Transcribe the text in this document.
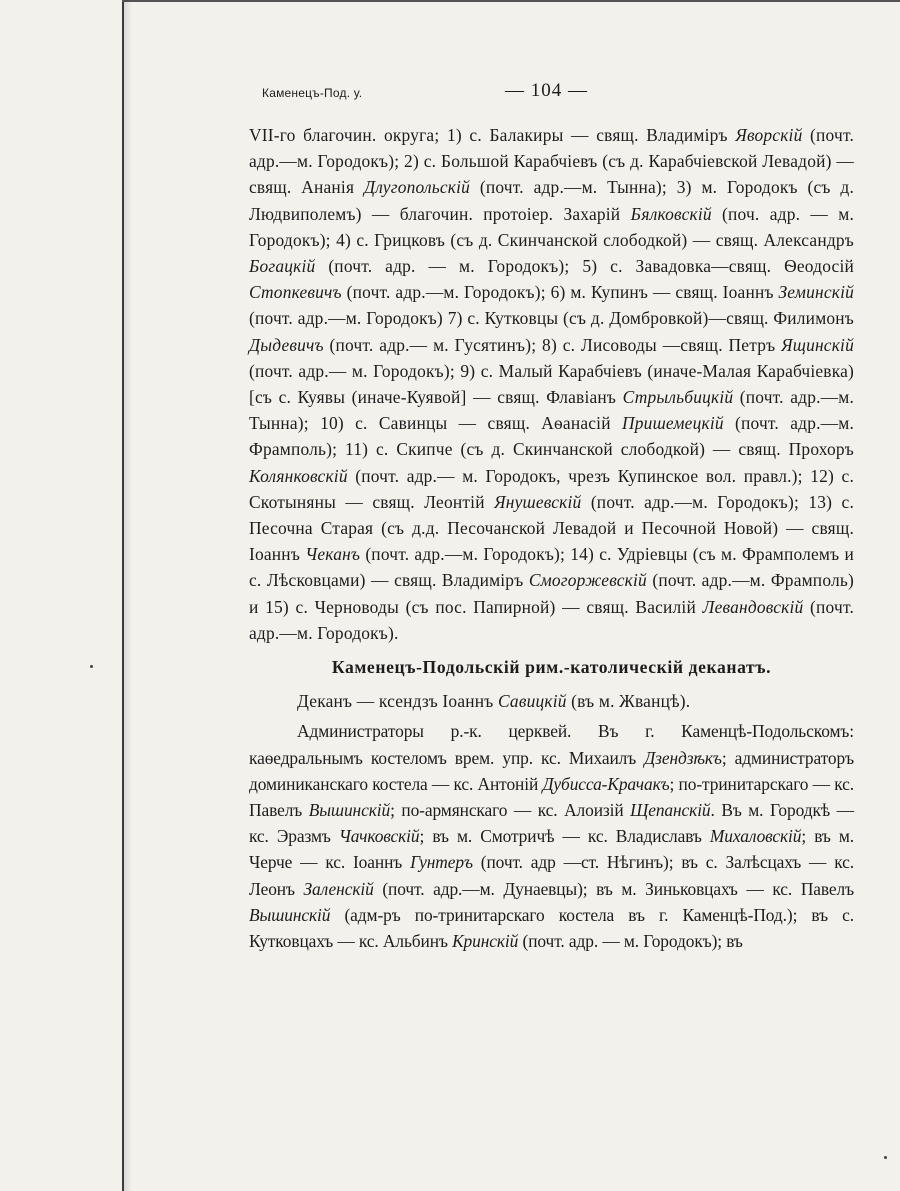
Каменецъ-Под. у.	— 104 —

VII-го благочин. округа; 1) с. Балакиры — свящ. Владиміръ Яворскій (почт. адр.—м. Городокъ); 2) с. Большой Карабчіевъ (съ д. Карабчіевской Левадой) — свящ. Ананія Длугопольскій (почт. адр.—м. Тынна); 3) м. Городокъ (съ д. Людвиполемъ) — благочин. протоіер. Захарій Бялковскій (поч. адр. — м. Городокъ); 4) с. Грицковъ (съ д. Скинчанской слободкой) — свящ. Александръ Богацкій (почт. адр. — м. Городокъ); 5) с. Завадовка—свящ. Ѳеодосій Стопкевичъ (почт. адр.—м. Городокъ); 6) м. Купинъ — свящ. Іоаннъ Земинскій (почт. адр.—м. Городокъ) 7) с. Кутковцы (съ д. Домбровкой)—свящ. Филимонъ Дыдевичъ (почт. адр.— м. Гусятинъ); 8) с. Лисоводы —свящ. Петръ Ящинскій (почт. адр.— м. Городокъ); 9) с. Малый Карабчіевъ (иначе-Малая Карабчіевка) [съ с. Куявы (иначе-Куявой] — свящ. Флавіанъ Стрыльбицкій (почт. адр.—м. Тынна); 10) с. Савинцы — свящ. Аѳанасій Пришемецкій (почт. адр.—м. Фрамполь); 11) с. Скипче (съ д. Скинчанской слободкой) — свящ. Прохоръ Колянковскій (почт. адр.— м. Городокъ, чрезъ Купинское вол. правл.); 12) с. Скотыняны — свящ. Леонтій Янушевскій (почт. адр.—м. Городокъ); 13) с. Песочна Старая (съ д.д. Песочанской Левадой и Песочной Новой) — свящ. Іоаннъ Чеканъ (почт. адр.—м. Городокъ); 14) с. Удріевцы (съ м. Фрамполемъ и с. Лѣсковцами) — свящ. Владиміръ Смогоржевскій (почт. адр.—м. Фрамполь) и 15) с. Черноводы (съ пос. Папирной) — свящ. Василій Левандовскій (почт. адр.—м. Городокъ).

Каменецъ-Подольскій рим.-католическій деканатъ.

Деканъ — ксендзъ Іоаннъ Савицкій (въ м. Жванцѣ).

Администраторы р.-к. церквей. Въ г. Каменцѣ-Подольскомъ: каѳедральнымъ костеломъ врем. упр. кс. Михаилъ Дзендзѣкъ; администраторъ доминиканскаго костела — кс. Антоній Дубисса-Крачакъ; по-тринитарскаго — кс. Павелъ Вышинскій; по-армянскаго — кс. Алоизій Щепанскій. Въ м. Городкѣ — кс. Эразмъ Чачковскій; въ м. Смотричѣ — кс. Владиславъ Михаловскій; въ м. Черче — кс. Іоаннъ Гунтеръ (почт. адр —ст. Нѣгинъ); въ с. Залѣсцахъ — кс. Леонъ Заленскій (почт. адр.—м. Дунаевцы); въ м. Зиньковцахъ — кс. Павелъ Вышинскій (адм-ръ по-тринитарскаго костела въ г. Каменцѣ-Под.); въ с. Кутковцахъ — кс. Альбинъ Кринскій (почт. адр. — м. Городокъ); въ
